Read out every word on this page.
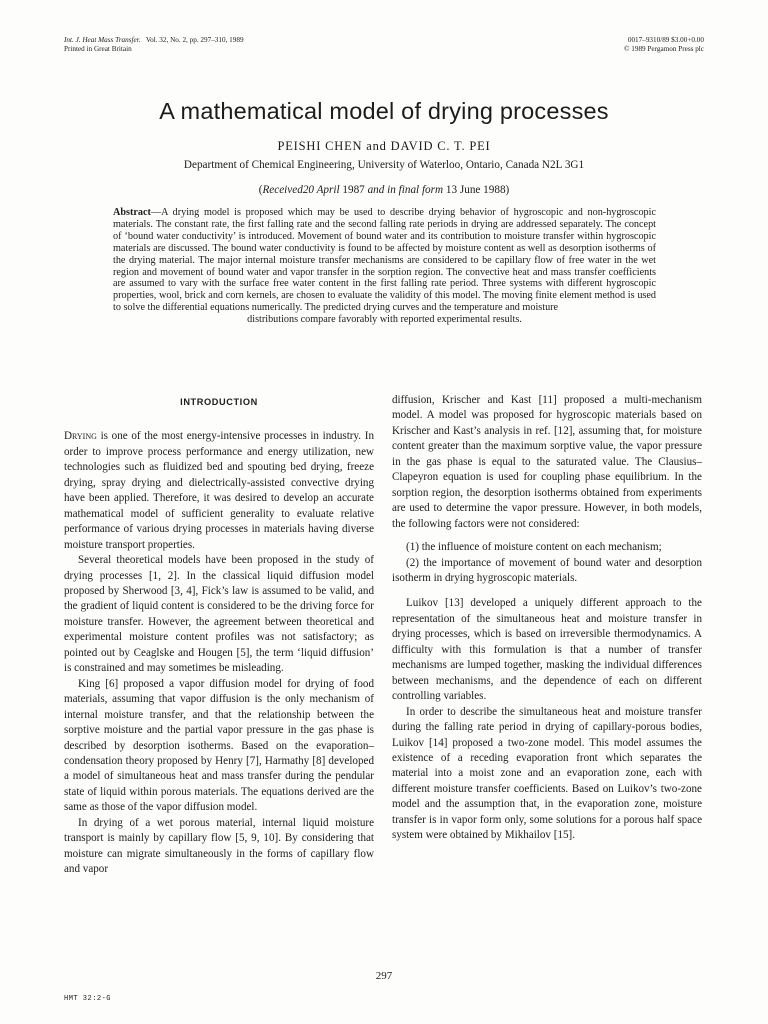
Int. J. Heat Mass Transfer. Vol. 32, No. 2, pp. 297–310, 1989
Printed in Great Britain
0017–9310/89 $3.00+0.00
© 1989 Pergamon Press plc
A mathematical model of drying processes
PEISHI CHEN and DAVID C. T. PEI
Department of Chemical Engineering, University of Waterloo, Ontario, Canada N2L 3G1
(Received20 April 1987 and in final form 13 June 1988)

Abstract—A drying model is proposed which may be used to describe drying behavior of hygroscopic and non-hygroscopic materials. The constant rate, the first falling rate and the second falling rate periods in drying are addressed separately. The concept of ‘bound water conductivity’ is introduced. Movement of bound water and its contribution to moisture transfer within hygroscopic materials are discussed. The bound water conductivity is found to be affected by moisture content as well as desorption isotherms of the drying material. The major internal moisture transfer mechanisms are considered to be capillary flow of free water in the wet region and movement of bound water and vapor transfer in the sorption region. The convective heat and mass transfer coefficients are assumed to vary with the surface free water content in the first falling rate period. Three systems with different hygroscopic properties, wool, brick and corn kernels, are chosen to evaluate the validity of this model. The moving finite element method is used to solve the differential equations numerically. The predicted drying curves and the temperature and moisture

distributions compare favorably with reported experimental results.

INTRODUCTION

Drying is one of the most energy-intensive processes in industry. In order to improve process performance and energy utilization, new technologies such as fluidized bed and spouting bed drying, freeze drying, spray drying and dielectrically-assisted convective drying have been applied. Therefore, it was desired to develop an accurate mathematical model of sufficient generality to evaluate relative performance of various drying processes in materials having diverse moisture transport properties.

Several theoretical models have been proposed in the study of drying processes [1, 2]. In the classical liquid diffusion model proposed by Sherwood [3, 4], Fick’s law is assumed to be valid, and the gradient of liquid content is considered to be the driving force for moisture transfer. However, the agreement between theoretical and experimental moisture content profiles was not satisfactory; as pointed out by Ceaglske and Hougen [5], the term ‘liquid diffusion’ is constrained and may sometimes be misleading.

King [6] proposed a vapor diffusion model for drying of food materials, assuming that vapor diffusion is the only mechanism of internal moisture transfer, and that the relationship between the sorptive moisture and the partial vapor pressure in the gas phase is described by desorption isotherms. Based on the evaporation–condensation theory proposed by Henry [7], Harmathy [8] developed a model of simultaneous heat and mass transfer during the pendular state of liquid within porous materials. The equations derived are the same as those of the vapor diffusion model.

In drying of a wet porous material, internal liquid moisture transport is mainly by capillary flow [5, 9, 10]. By considering that moisture can migrate simultaneously in the forms of capillary flow and vapor

diffusion, Krischer and Kast [11] proposed a multi-mechanism model. A model was proposed for hygroscopic materials based on Krischer and Kast’s analysis in ref. [12], assuming that, for moisture content greater than the maximum sorptive value, the vapor pressure in the gas phase is equal to the saturated value. The Clausius–Clapeyron equation is used for coupling phase equilibrium. In the sorption region, the desorption isotherms obtained from experiments are used to determine the vapor pressure. However, in both models, the following factors were not considered:

(1) the influence of moisture content on each mechanism;

(2) the importance of movement of bound water and desorption isotherm in drying hygroscopic materials.

Luikov [13] developed a uniquely different approach to the representation of the simultaneous heat and moisture transfer in drying processes, which is based on irreversible thermodynamics. A difficulty with this formulation is that a number of transfer mechanisms are lumped together, masking the individual differences between mechanisms, and the dependence of each on different controlling variables.

In order to describe the simultaneous heat and moisture transfer during the falling rate period in drying of capillary-porous bodies, Luikov [14] proposed a two-zone model. This model assumes the existence of a receding evaporation front which separates the material into a moist zone and an evaporation zone, each with different moisture transfer coefficients. Based on Luikov’s two-zone model and the assumption that, in the evaporation zone, moisture transfer is in vapor form only, some solutions for a porous half space system were obtained by Mikhailov [15].

297
HMT 32:2-G
